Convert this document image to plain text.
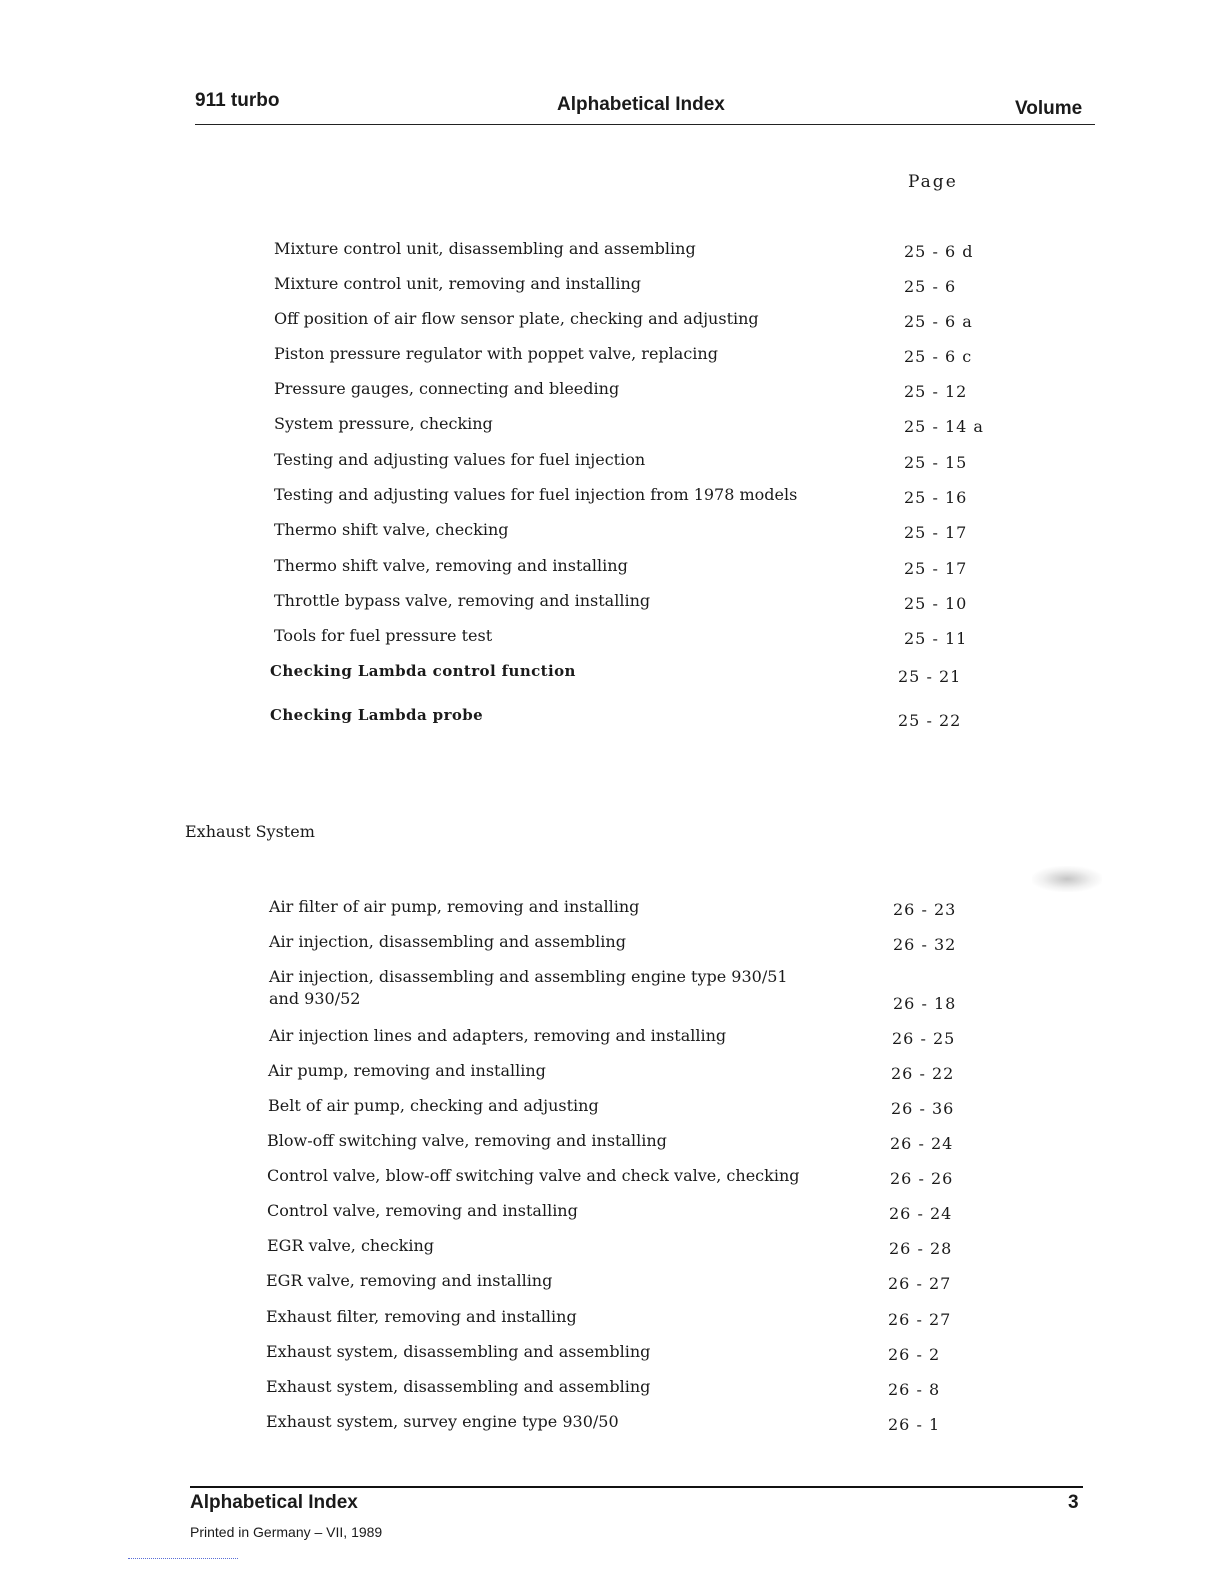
911 turbo	Alphabetical Index	Volume
Page
Mixture control unit, disassembling and assembling	25 - 6 d
Mixture control unit, removing and installing	25 - 6
Off position of air flow sensor plate, checking and adjusting	25 - 6 a
Piston pressure regulator with poppet valve, replacing	25 - 6 c
Pressure gauges, connecting and bleeding	25 - 12
System pressure, checking	25 - 14 a
Testing and adjusting values for fuel injection	25 - 15
Testing and adjusting values for fuel injection from 1978 models	25 - 16
Thermo shift valve, checking	25 - 17
Thermo shift valve, removing and installing	25 - 17
Throttle bypass valve, removing and installing	25 - 10
Tools for fuel pressure test	25 - 11
Checking Lambda control function	25 - 21
Checking Lambda probe	25 - 22
Exhaust System
Air filter of air pump, removing and installing	26 - 23
Air injection, disassembling and assembling	26 - 32
Air injection, disassembling and assembling engine type 930/51
and 930/52	26 - 18
Air injection lines and adapters, removing and installing	26 - 25
Air pump, removing and installing	26 - 22
Belt of air pump, checking and adjusting	26 - 36
Blow-off switching valve, removing and installing	26 - 24
Control valve, blow-off switching valve and check valve, checking	26 - 26
Control valve, removing and installing	26 - 24
EGR valve, checking	26 - 28
EGR valve, removing and installing	26 - 27
Exhaust filter, removing and installing	26 - 27
Exhaust system, disassembling and assembling	26 - 2
Exhaust system, disassembling and assembling	26 - 8
Exhaust system, survey engine type 930/50	26 - 1
Alphabetical Index	3
Printed in Germany – VII, 1989
